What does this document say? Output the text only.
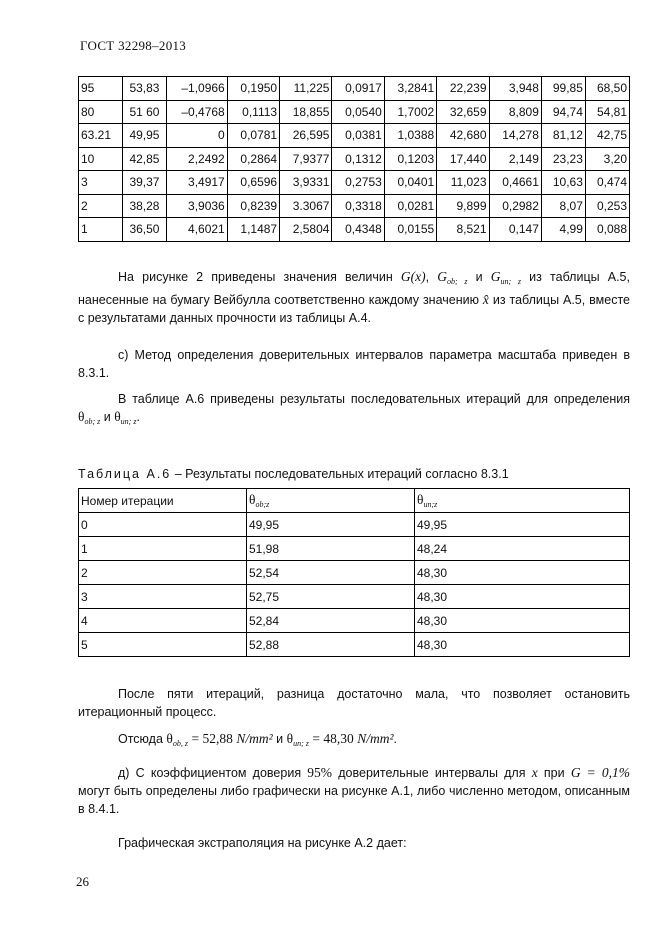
ГОСТ 32298–2013
95	53,83	–1,0966	0,1950	11,225	0,0917	3,2841	22,239	3,948	99,85	68,50
80	51 60	–0,4768	0,1113	18,855	0,0540	1,7002	32,659	8,809	94,74	54,81
63.21	49,95	0	0,0781	26,595	0,0381	1,0388	42,680	14,278	81,12	42,75
10	42,85	2,2492	0,2864	7,9377	0,1312	0,1203	17,440	2,149	23,23	3,20
3	39,37	3,4917	0,6596	3,9331	0,2753	0,0401	11,023	0,4661	10,63	0,474
2	38,28	3,9036	0,8239	3.3067	0,3318	0,0281	9,899	0,2982	8,07	0,253
1	36,50	4,6021	1,1487	2,5804	0,4348	0,0155	8,521	0,147	4,99	0,088
На рисунке 2 приведены значения величин G(x), $G_{ob; z}$ и $G_{un; z}$ из таблицы А.5, нанесенные на бумагу Вейбулла соответственно каждому значению x̂ из таблицы А.5, вместе с результатами данных прочности из таблицы А.4.
с) Метод определения доверительных интервалов параметра масштаба приведен в 8.3.1.
В таблице А.6 приведены результаты последовательных итераций для определения $\theta_{ob; z}$ и $\theta_{un; z}$.
Таблица А.6 – Результаты последовательных итераций согласно 8.3.1
Номер итерации	$\theta_{ob;z}$	$\theta_{un;z}$
0	49,95	49,95
1	51,98	48,24
2	52,54	48,30
3	52,75	48,30
4	52,84	48,30
5	52,88	48,30
После пяти итераций, разница достаточно мала, что позволяет остановить итерационный процесс.
Отсюда $\theta_{ob, z} = 52,88$ N/mm² и $\theta_{un; z} = 48,30$ N/mm².
д) С коэффициентом доверия 95% доверительные интервалы для x при G = 0,1% могут быть определены либо графически на рисунке А.1, либо численно методом, описанным в 8.4.1.
Графическая экстраполяция на рисунке А.2 дает:
26
